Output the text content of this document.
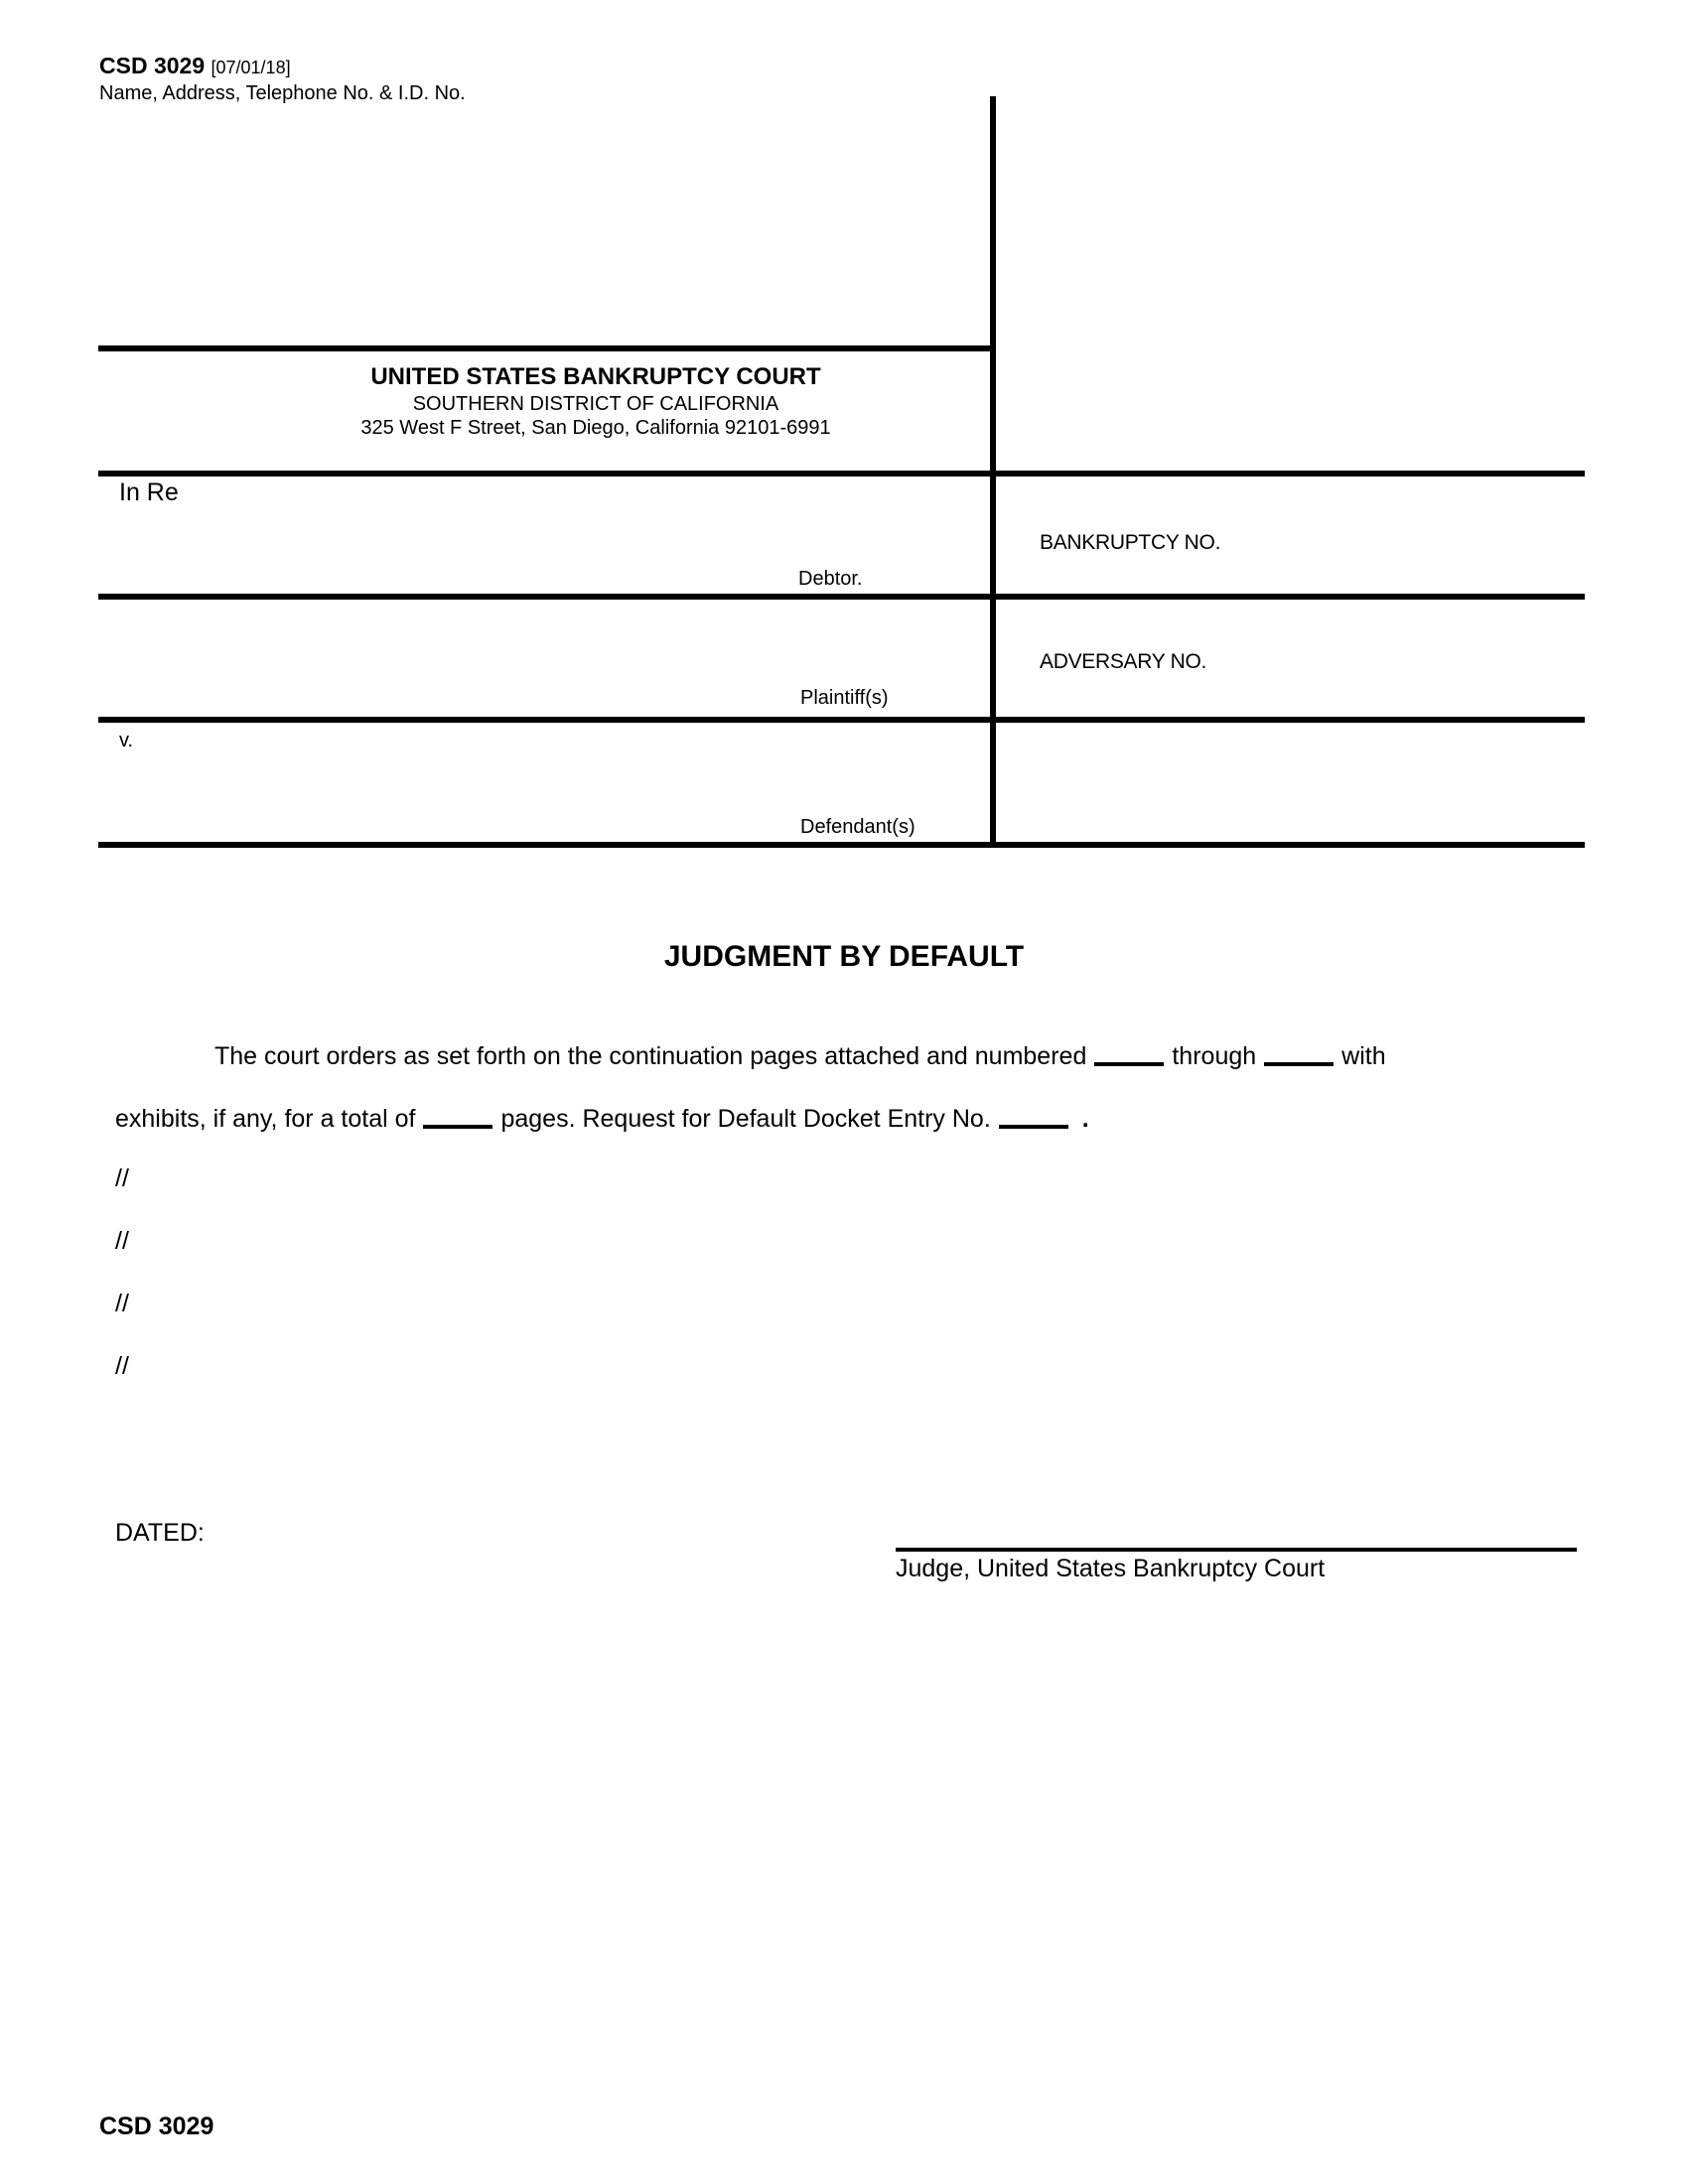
CSD 3029 [07/01/18]
Name, Address, Telephone No. & I.D. No.
UNITED STATES BANKRUPTCY COURT
SOUTHERN DISTRICT OF CALIFORNIA
325 West F Street, San Diego, California 92101-6991
In Re
Debtor.
BANKRUPTCY NO.
Plaintiff(s)
ADVERSARY NO.
v.
Defendant(s)
JUDGMENT BY DEFAULT
The court orders as set forth on the continuation pages attached and numbered	through	with
exhibits, if any, for a total of	pages. Request for Default Docket Entry No.	.
//
//
//
//
DATED:
Judge, United States Bankruptcy Court
CSD 3029
